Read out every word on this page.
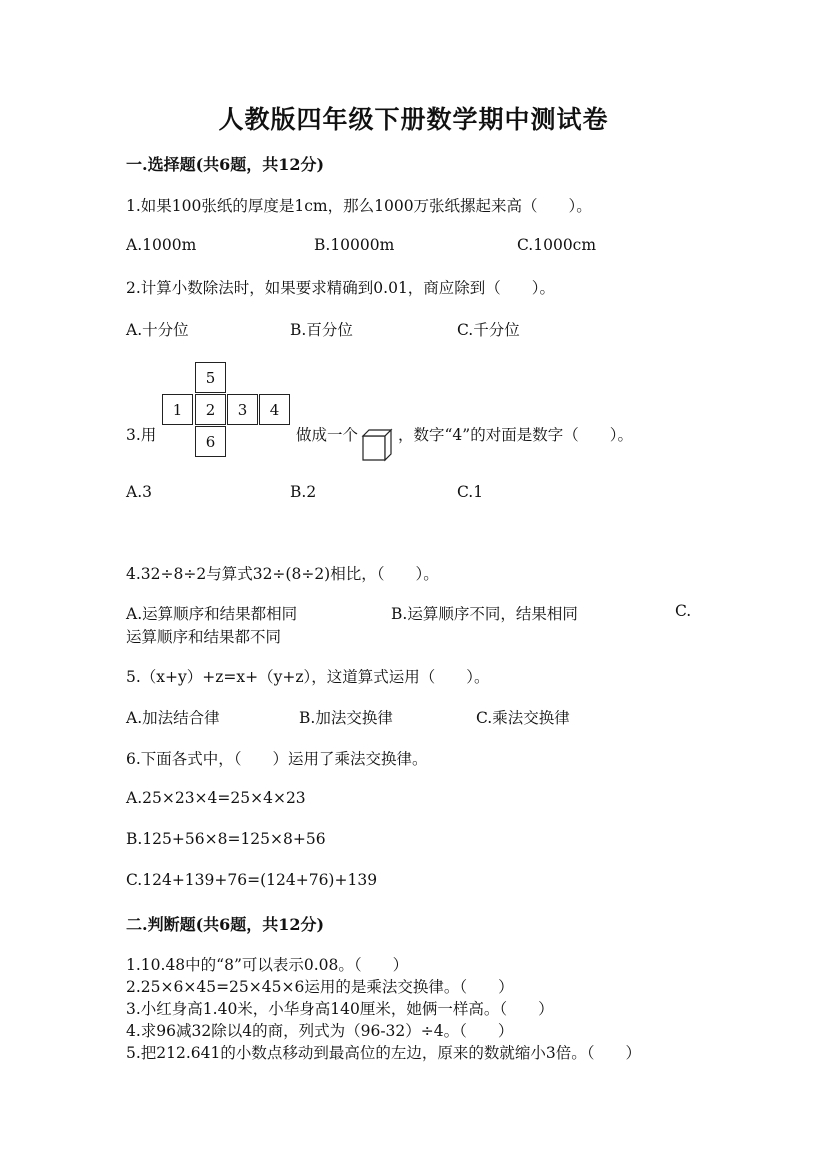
人教版四年级下册数学期中测试卷
一.选择题(共6题，共12分)
1.如果100张纸的厚度是1cm，那么1000万张纸摞起来高（　　）。
A.1000m	B.10000m	C.1000cm
2.计算小数除法时，如果要求精确到0.01，商应除到（　　）。
A.十分位	B.百分位	C.千分位
3.用
5
1	2	3	4
6	做成一个	，数字“4”的对面是数字（　　）。
A.3	B.2	C.1
4.32÷8÷2与算式32÷(8÷2)相比，（　　）。
A.运算顺序和结果都相同	B.运算顺序不同，结果相同	C.
运算顺序和结果都不同
5.（x+y）+z=x+（y+z），这道算式运用（　　）。
A.加法结合律	B.加法交换律	C.乘法交换律
6.下面各式中，（　　）运用了乘法交换律。
A.25×23×4=25×4×23
B.125+56×8=125×8+56
C.124+139+76=(124+76)+139
二.判断题(共6题，共12分)
1.10.48中的“8”可以表示0.08。（　　）
2.25×6×45=25×45×6运用的是乘法交换律。（　　）
3.小红身高1.40米，小华身高140厘米，她俩一样高。（　　）
4.求96减32除以4的商，列式为（96-32）÷4。（　　）
5.把212.641的小数点移动到最高位的左边，原来的数就缩小3倍。（　　）
